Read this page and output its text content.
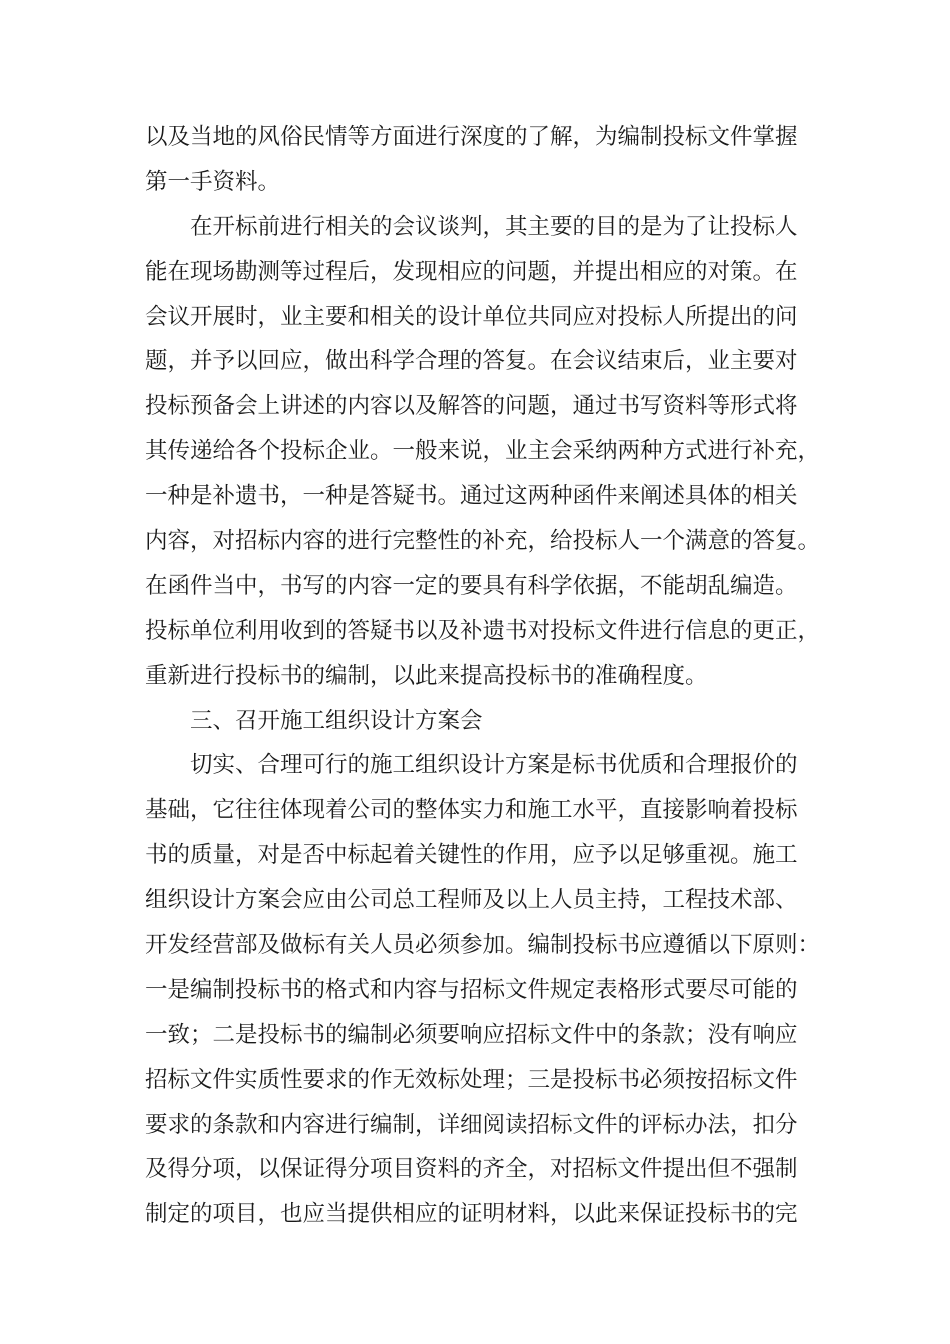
以及当地的风俗民情等方面进行深度的了解，为编制投标文件掌握
第一手资料。
在开标前进行相关的会议谈判，其主要的目的是为了让投标人
能在现场勘测等过程后，发现相应的问题，并提出相应的对策。在
会议开展时，业主要和相关的设计单位共同应对投标人所提出的问
题，并予以回应，做出科学合理的答复。在会议结束后，业主要对
投标预备会上讲述的内容以及解答的问题，通过书写资料等形式将
其传递给各个投标企业。一般来说，业主会采纳两种方式进行补充，
一种是补遗书，一种是答疑书。通过这两种函件来阐述具体的相关
内容，对招标内容的进行完整性的补充，给投标人一个满意的答复。
在函件当中，书写的内容一定的要具有科学依据，不能胡乱编造。
投标单位利用收到的答疑书以及补遗书对投标文件进行信息的更正，
重新进行投标书的编制，以此来提高投标书的准确程度。
三、召开施工组织设计方案会
切实、合理可行的施工组织设计方案是标书优质和合理报价的
基础，它往往体现着公司的整体实力和施工水平，直接影响着投标
书的质量，对是否中标起着关键性的作用，应予以足够重视。施工
组织设计方案会应由公司总工程师及以上人员主持，工程技术部、
开发经营部及做标有关人员必须参加。编制投标书应遵循以下原则：
一是编制投标书的格式和内容与招标文件规定表格形式要尽可能的
一致；二是投标书的编制必须要响应招标文件中的条款；没有响应
招标文件实质性要求的作无效标处理；三是投标书必须按招标文件
要求的条款和内容进行编制，详细阅读招标文件的评标办法，扣分
及得分项，以保证得分项目资料的齐全，对招标文件提出但不强制
制定的项目，也应当提供相应的证明材料，以此来保证投标书的完
